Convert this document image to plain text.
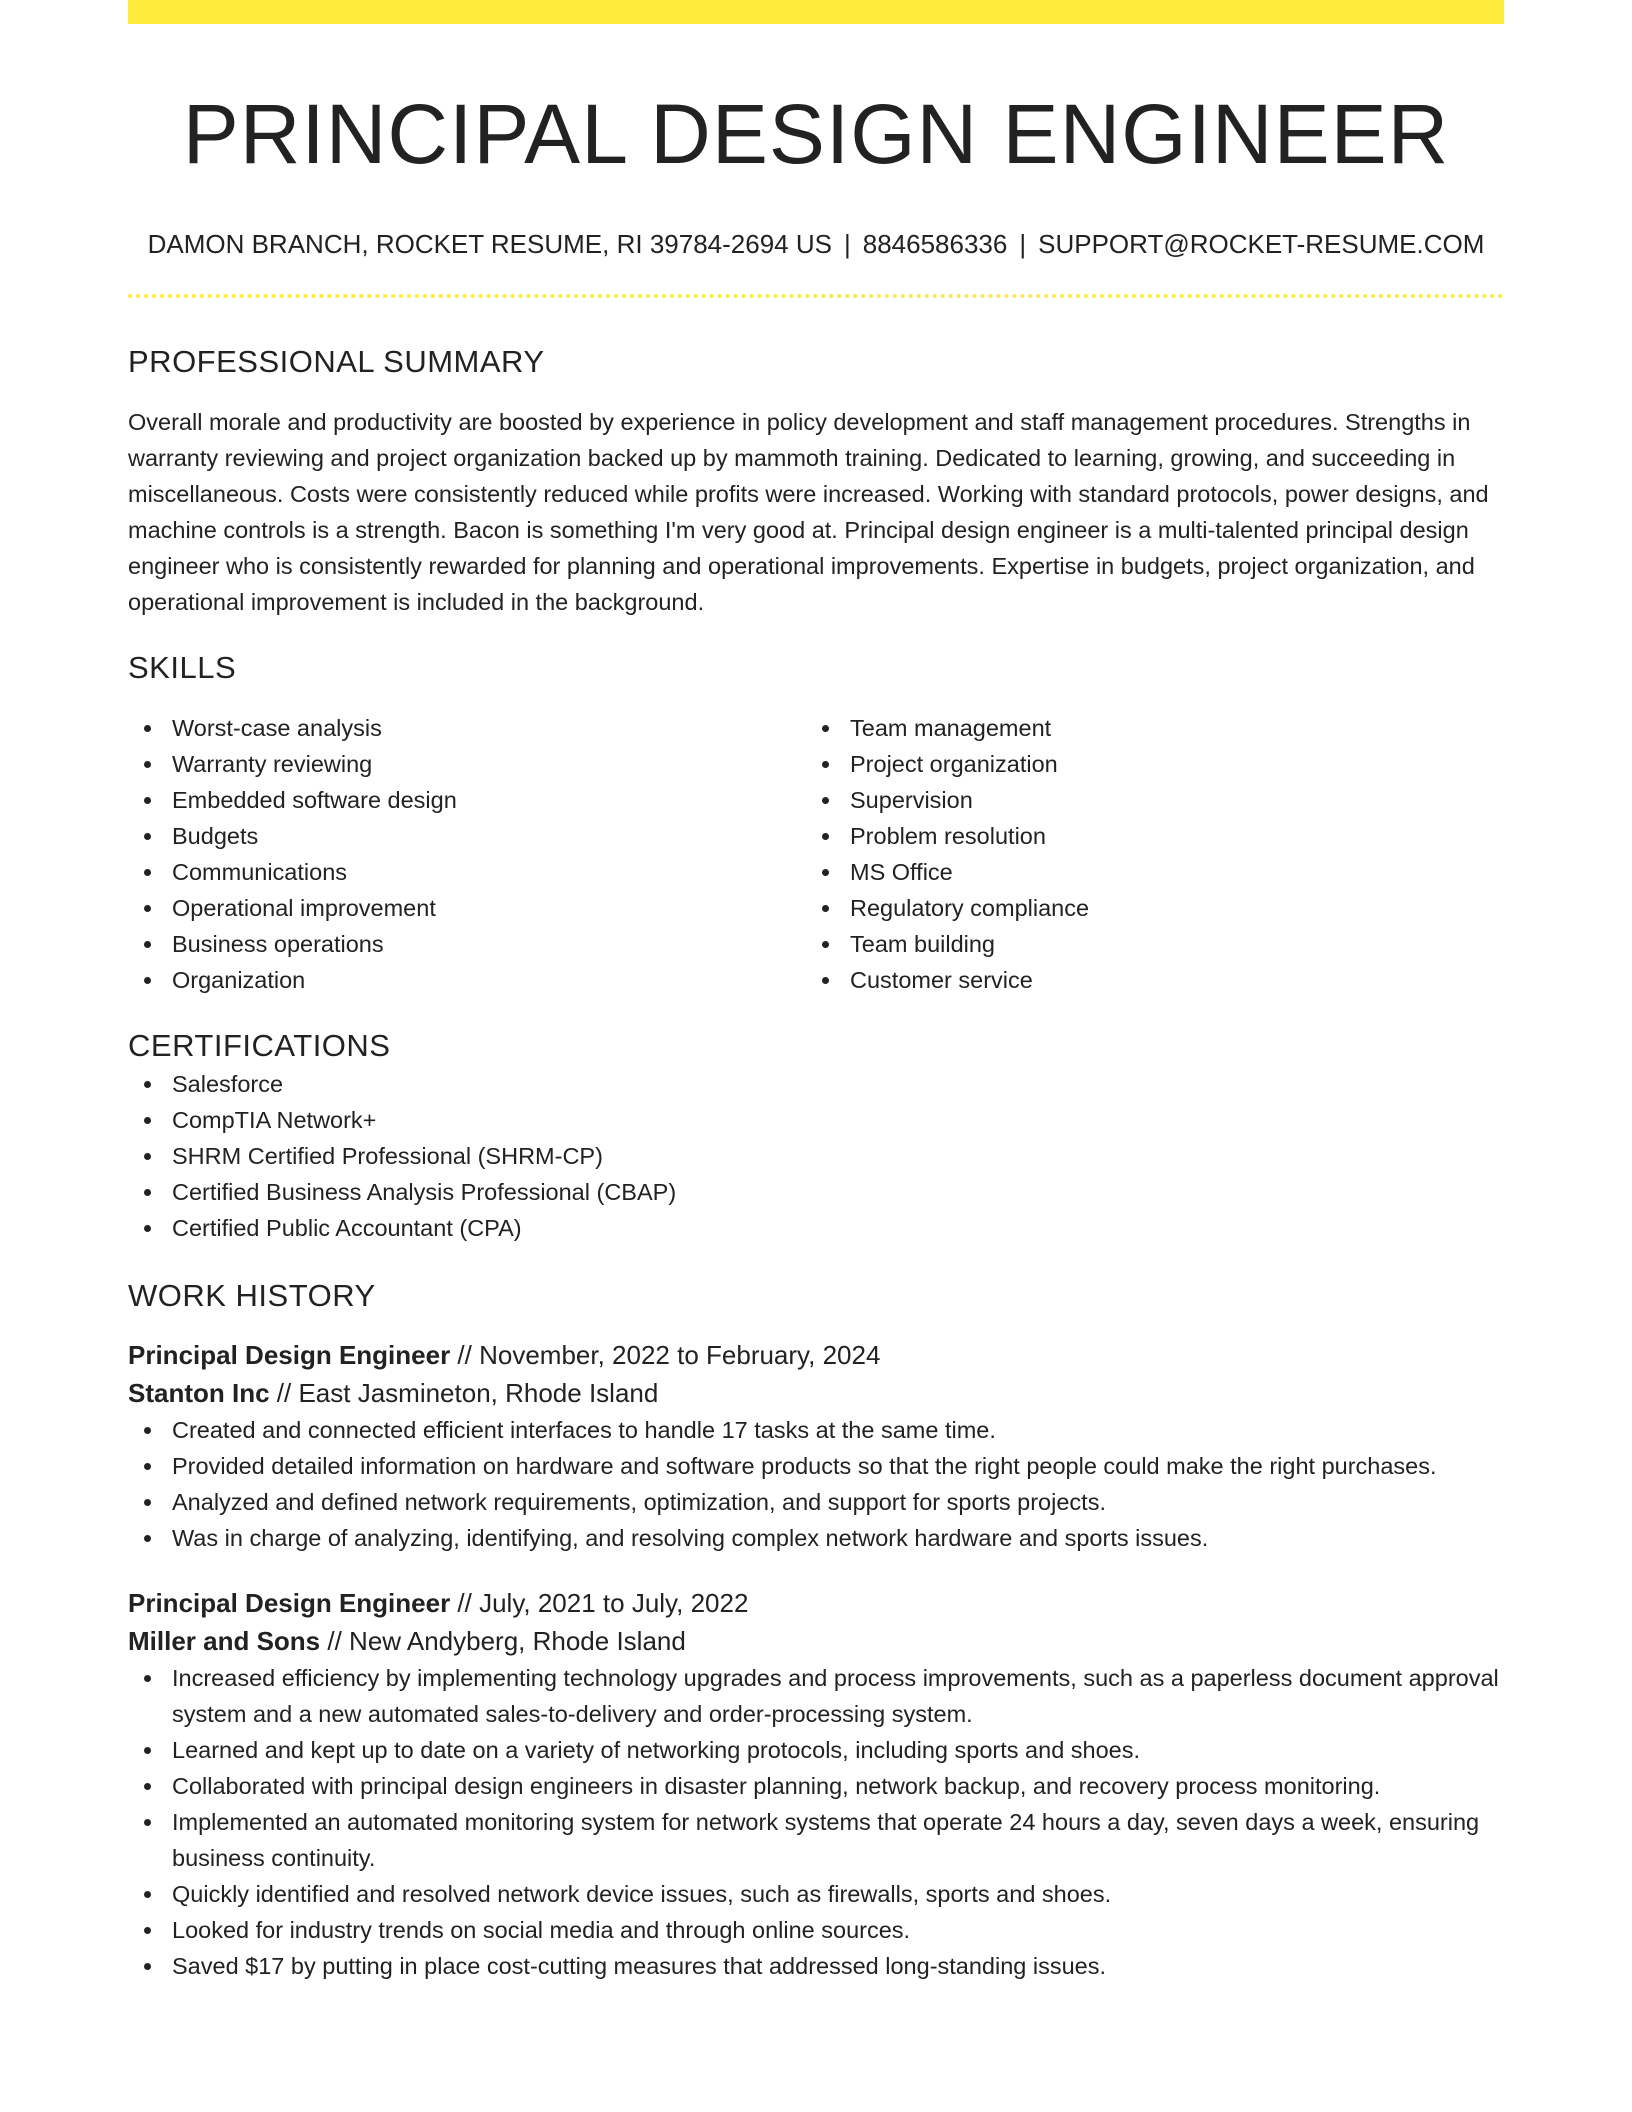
PRINCIPAL DESIGN ENGINEER
DAMON BRANCH, ROCKET RESUME, RI 39784-2694 US | 8846586336 | SUPPORT@ROCKET-RESUME.COM
PROFESSIONAL SUMMARY

Overall morale and productivity are boosted by experience in policy development and staff management procedures. Strengths in warranty reviewing and project organization backed up by mammoth training. Dedicated to learning, growing, and succeeding in miscellaneous. Costs were consistently reduced while profits were increased. Working with standard protocols, power designs, and machine controls is a strength. Bacon is something I'm very good at. Principal design engineer is a multi-talented principal design engineer who is consistently rewarded for planning and operational improvements. Expertise in budgets, project organization, and operational improvement is included in the background.

SKILLS
Worst-case analysis
Warranty reviewing
Embedded software design
Budgets
Communications
Operational improvement
Business operations
Organization
Team management
Project organization
Supervision
Problem resolution
MS Office
Regulatory compliance
Team building
Customer service
CERTIFICATIONS
Salesforce
CompTIA Network+
SHRM Certified Professional (SHRM-CP)
Certified Business Analysis Professional (CBAP)
Certified Public Accountant (CPA)
WORK HISTORY
Principal Design Engineer // November, 2022 to February, 2024
Stanton Inc // East Jasmineton, Rhode Island
Created and connected efficient interfaces to handle 17 tasks at the same time.
Provided detailed information on hardware and software products so that the right people could make the right purchases.
Analyzed and defined network requirements, optimization, and support for sports projects.
Was in charge of analyzing, identifying, and resolving complex network hardware and sports issues.
Principal Design Engineer // July, 2021 to July, 2022
Miller and Sons // New Andyberg, Rhode Island
Increased efficiency by implementing technology upgrades and process improvements, such as a paperless document approval system and a new automated sales-to-delivery and order-processing system.
Learned and kept up to date on a variety of networking protocols, including sports and shoes.
Collaborated with principal design engineers in disaster planning, network backup, and recovery process monitoring.
Implemented an automated monitoring system for network systems that operate 24 hours a day, seven days a week, ensuring business continuity.
Quickly identified and resolved network device issues, such as firewalls, sports and shoes.
Looked for industry trends on social media and through online sources.
Saved $17 by putting in place cost-cutting measures that addressed long-standing issues.
